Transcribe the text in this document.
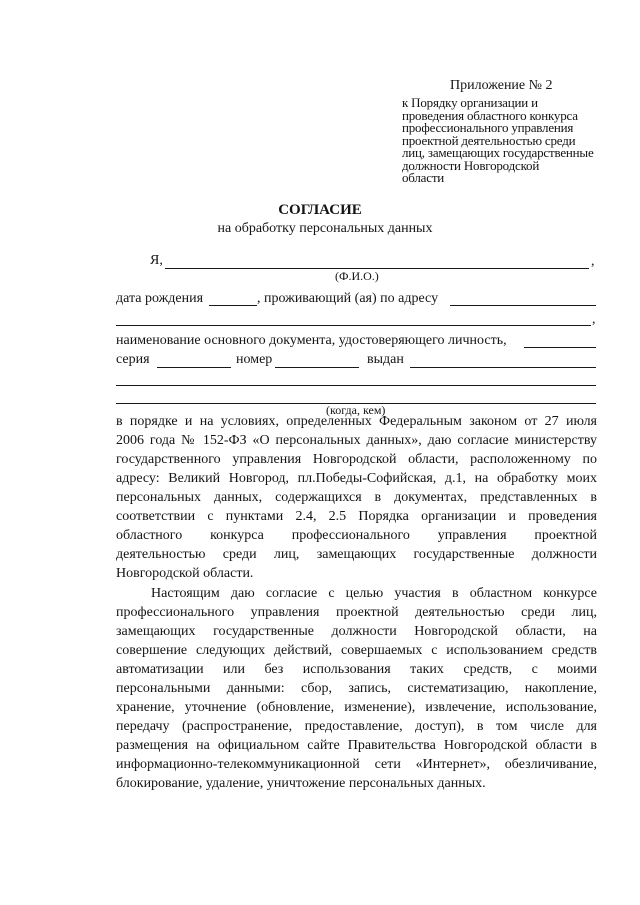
Приложение № 2
к Порядку организации и
проведения областного конкурса
профессионального управления
проектной деятельностью среди
лиц, замещающих государственные
должности Новгородской
области
СОГЛАСИЕ
на обработку персональных данных
Я,	,
(Ф.И.О.)
дата рождения	, проживающий (ая) по адресу
,
наименование основного документа, удостоверяющего личность,
серия	номер	выдан
(когда, кем)
в порядке и на условиях, определенных Федеральным законом от 27 июля
2006 года № 152-ФЗ «О персональных данных», даю согласие министерству
государственного управления Новгородской области, расположенному по
адресу: Великий Новгород, пл.Победы-Софийская, д.1, на обработку моих
персональных данных, содержащихся в документах, представленных в
соответствии с пунктами 2.4, 2.5 Порядка организации и проведения
областного конкурса профессионального управления проектной
деятельностью среди лиц, замещающих государственные должности
Новгородской области.
Настоящим даю согласие с целью участия в областном конкурсе
профессионального управления проектной деятельностью среди лиц,
замещающих государственные должности Новгородской области, на
совершение следующих действий, совершаемых с использованием средств
автоматизации или без использования таких средств, с моими
персональными данными: сбор, запись, систематизацию, накопление,
хранение, уточнение (обновление, изменение), извлечение, использование,
передачу (распространение, предоставление, доступ), в том числе для
размещения на официальном сайте Правительства Новгородской области в
информационно-телекоммуникационной сети «Интернет», обезличивание,
блокирование, удаление, уничтожение персональных данных.
